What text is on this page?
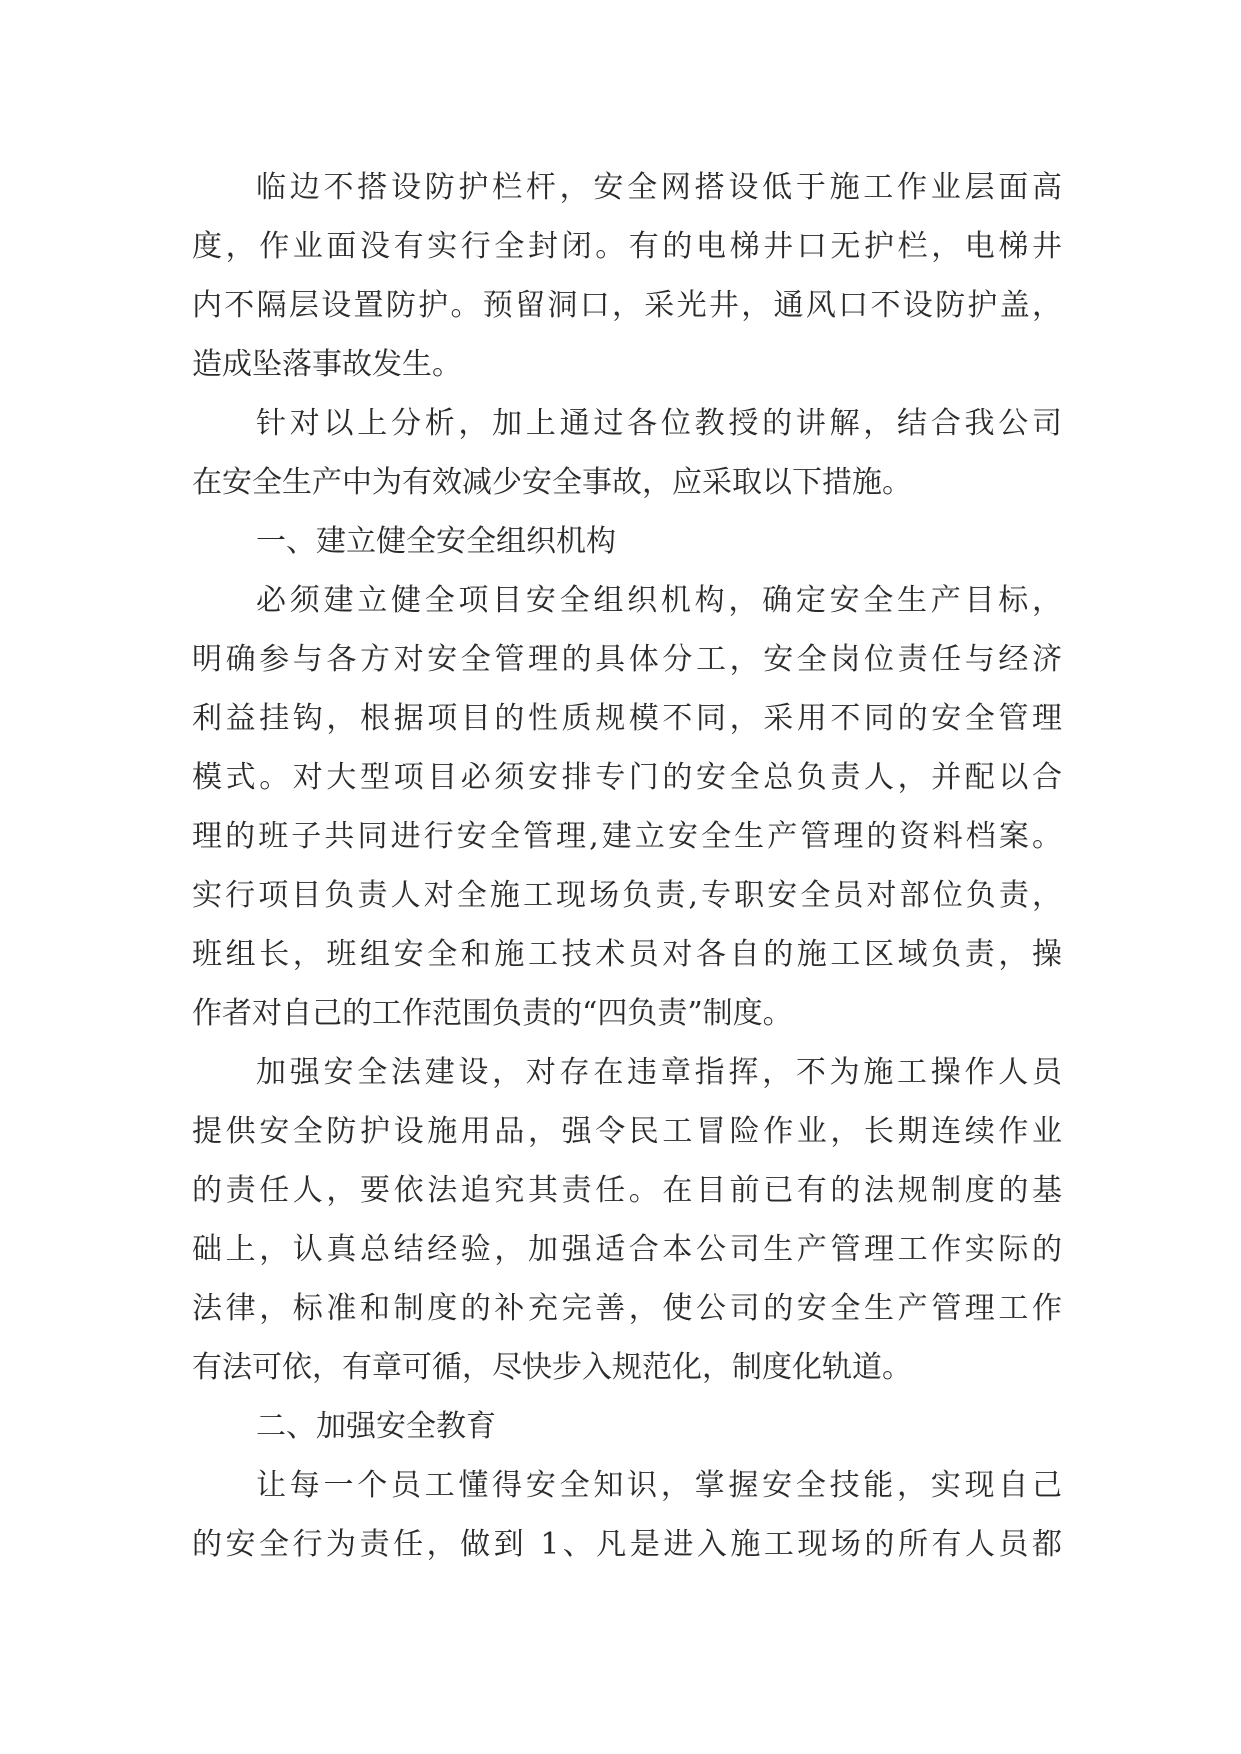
临边不搭设防护栏杆，安全网搭设低于施工作业层面高
度，作业面没有实行全封闭。有的电梯井口无护栏，电梯井
内不隔层设置防护。预留洞口，采光井，通风口不设防护盖，
造成坠落事故发生。
针对以上分析，加上通过各位教授的讲解，结合我公司
在安全生产中为有效减少安全事故，应采取以下措施。
一、建立健全安全组织机构
必须建立健全项目安全组织机构，确定安全生产目标，
明确参与各方对安全管理的具体分工，安全岗位责任与经济
利益挂钩，根据项目的性质规模不同，采用不同的安全管理
模式。对大型项目必须安排专门的安全总负责人，并配以合
理的班子共同进行安全管理,建立安全生产管理的资料档案。
实行项目负责人对全施工现场负责,专职安全员对部位负责，
班组长，班组安全和施工技术员对各自的施工区域负责，操
作者对自己的工作范围负责的“四负责”制度。
加强安全法建设，对存在违章指挥，不为施工操作人员
提供安全防护设施用品，强令民工冒险作业，长期连续作业
的责任人，要依法追究其责任。在目前已有的法规制度的基
础上，认真总结经验，加强适合本公司生产管理工作实际的
法律，标准和制度的补充完善，使公司的安全生产管理工作
有法可依，有章可循，尽快步入规范化，制度化轨道。
二、加强安全教育
让每一个员工懂得安全知识，掌握安全技能，实现自己
的安全行为责任，做到 1、凡是进入施工现场的所有人员都
